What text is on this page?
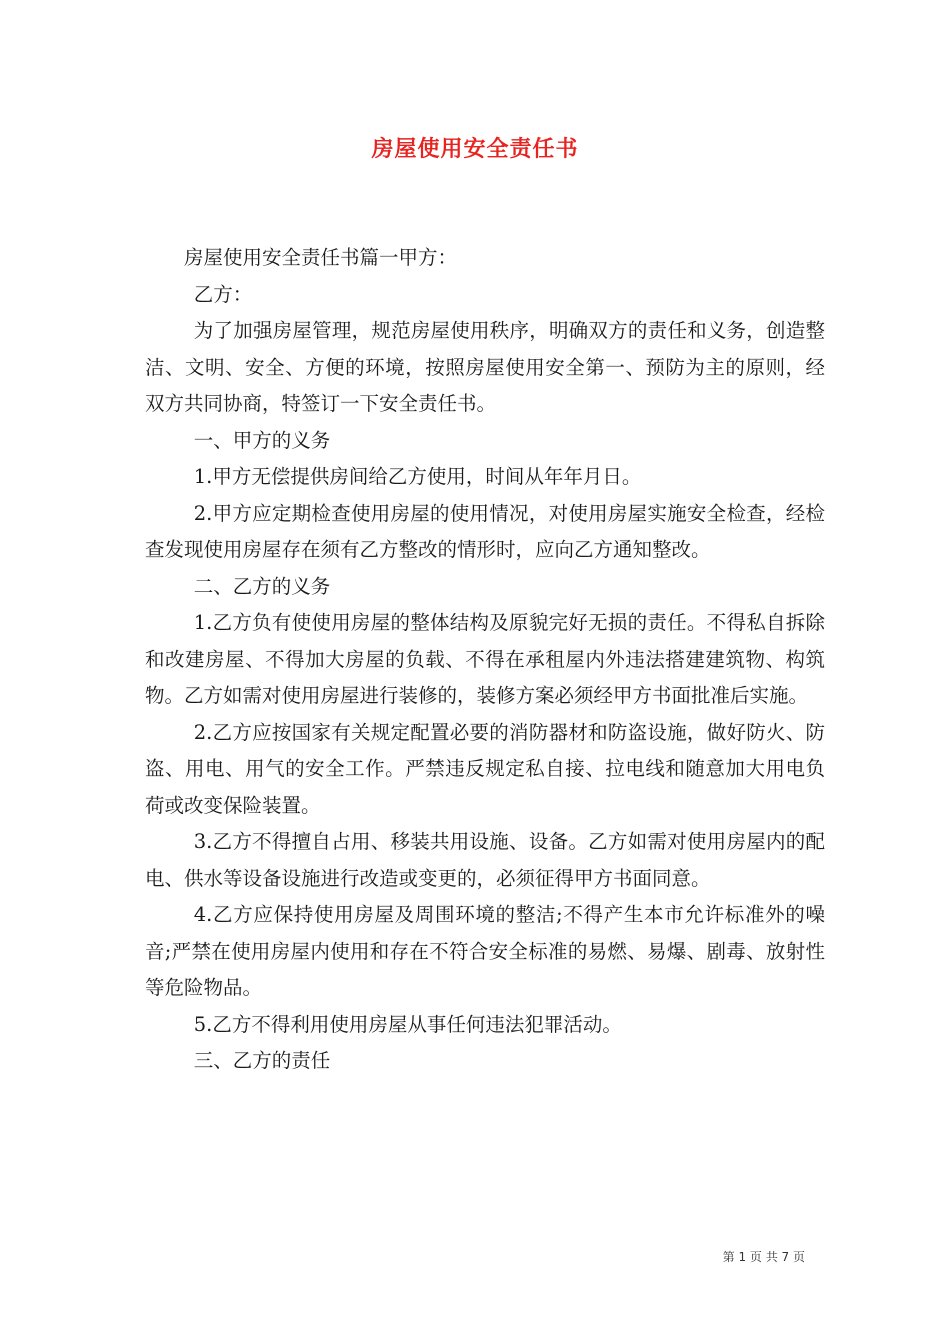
房屋使用安全责任书

房屋使用安全责任书篇一甲方：

乙方：

为了加强房屋管理，规范房屋使用秩序，明确双方的责任和义务，创造整洁、文明、安全、方便的环境，按照房屋使用安全第一、预防为主的原则，经双方共同协商，特签订一下安全责任书。

一、甲方的义务

1.甲方无偿提供房间给乙方使用，时间从年年月日。

2.甲方应定期检查使用房屋的使用情况，对使用房屋实施安全检查，经检查发现使用房屋存在须有乙方整改的情形时，应向乙方通知整改。

二、乙方的义务

1.乙方负有使使用房屋的整体结构及原貌完好无损的责任。不得私自拆除和改建房屋、不得加大房屋的负载、不得在承租屋内外违法搭建建筑物、构筑物。乙方如需对使用房屋进行装修的，装修方案必须经甲方书面批准后实施。

2.乙方应按国家有关规定配置必要的消防器材和防盗设施，做好防火、防盗、用电、用气的安全工作。严禁违反规定私自接、拉电线和随意加大用电负荷或改变保险装置。

3.乙方不得擅自占用、移装共用设施、设备。乙方如需对使用房屋内的配电、供水等设备设施进行改造或变更的，必须征得甲方书面同意。

4.乙方应保持使用房屋及周围环境的整洁;不得产生本市允许标准外的噪音;严禁在使用房屋内使用和存在不符合安全标准的易燃、易爆、剧毒、放射性等危险物品。

5.乙方不得利用使用房屋从事任何违法犯罪活动。

三、乙方的责任

第 1 页 共 7 页
